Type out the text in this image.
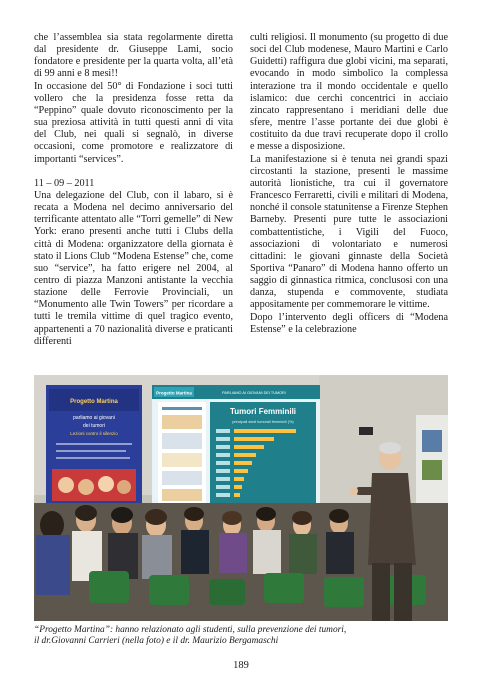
che l’assemblea sia stata regolarmente diretta dal presidente dr. Giuseppe Lami, socio fondatore e presidente per la quarta volta, all’età di 99 anni e 8 mesi!!

In occasione del 50° di Fondazione i soci tutti vollero che la presidenza fosse retta da “Peppino” quale dovuto riconoscimento per la sua preziosa attività in tutti questi anni di vita del Club, nei quali si segnalò, in diverse occasioni, come promotore e realizzatore di importanti “services”.

11 – 09 – 2011

Una delegazione del Club, con il labaro, si è recata a Modena nel decimo anniversario del terrificante attentato alle “Torri gemelle” di New York: erano presenti anche tutti i Clubs della città di Modena: organizzatore della giornata è stato il Lions Club “Modena Estense” che, come suo “service”, ha fatto erigere nel 2004, al centro di piazza Manzoni antistante la vecchia stazione delle Ferrovie Provinciali, un “Monumento alle Twin Towers” per ricordare a tutti le tremila vittime di quel tragico evento, appartenenti a 70 nazionalità diverse e praticanti differenti

culti religiosi. Il monumento (su progetto di due soci del Club modenese, Mauro Martini e Carlo Guidetti) raffigura due globi vicini, ma separati, evocando in modo simbolico la complessa interazione tra il mondo occidentale e quello islamico: due cerchi concentrici in acciaio zincato rappresentano i meridiani delle due sfere, mentre l’asse portante dei due globi è costituito da due travi recuperate dopo il crollo e messe a disposizione.

La manifestazione si è tenuta nei grandi spazi circostanti la stazione, presenti le massime autorità lionistiche, tra cui il governatore Francesco Ferraretti, civili e militari di Modena, nonché il console statunitense a Firenze Stephen Barneby. Presenti pure tutte le associazioni combattentistiche, i Vigili del Fuoco, associazioni di volontariato e numerosi cittadini: le giovani ginnaste della Società Sportiva “Panaro” di Modena hanno offerto un saggio di ginnastica ritmica, conclusosi con una danza, stupenda e commovente, studiata appositamente per commemorare le vittime.

Dopo l’intervento degli officers di “Modena Estense” e la celebrazione

Progetto Martina
parliamo ai giovani
dei tumori
Lezioni contro il silenzio
Progetto Martina	PARLIAMO AI GIOVANI DEI TUMORI
Tumori Femminili
principali siedi tumorali femminili (%)
“Progetto Martina”: hanno relazionato agli studenti, sulla prevenzione dei tumori,
il dr.Giovanni Carrieri (nella foto) e il dr. Maurizio Bergamaschi
189
